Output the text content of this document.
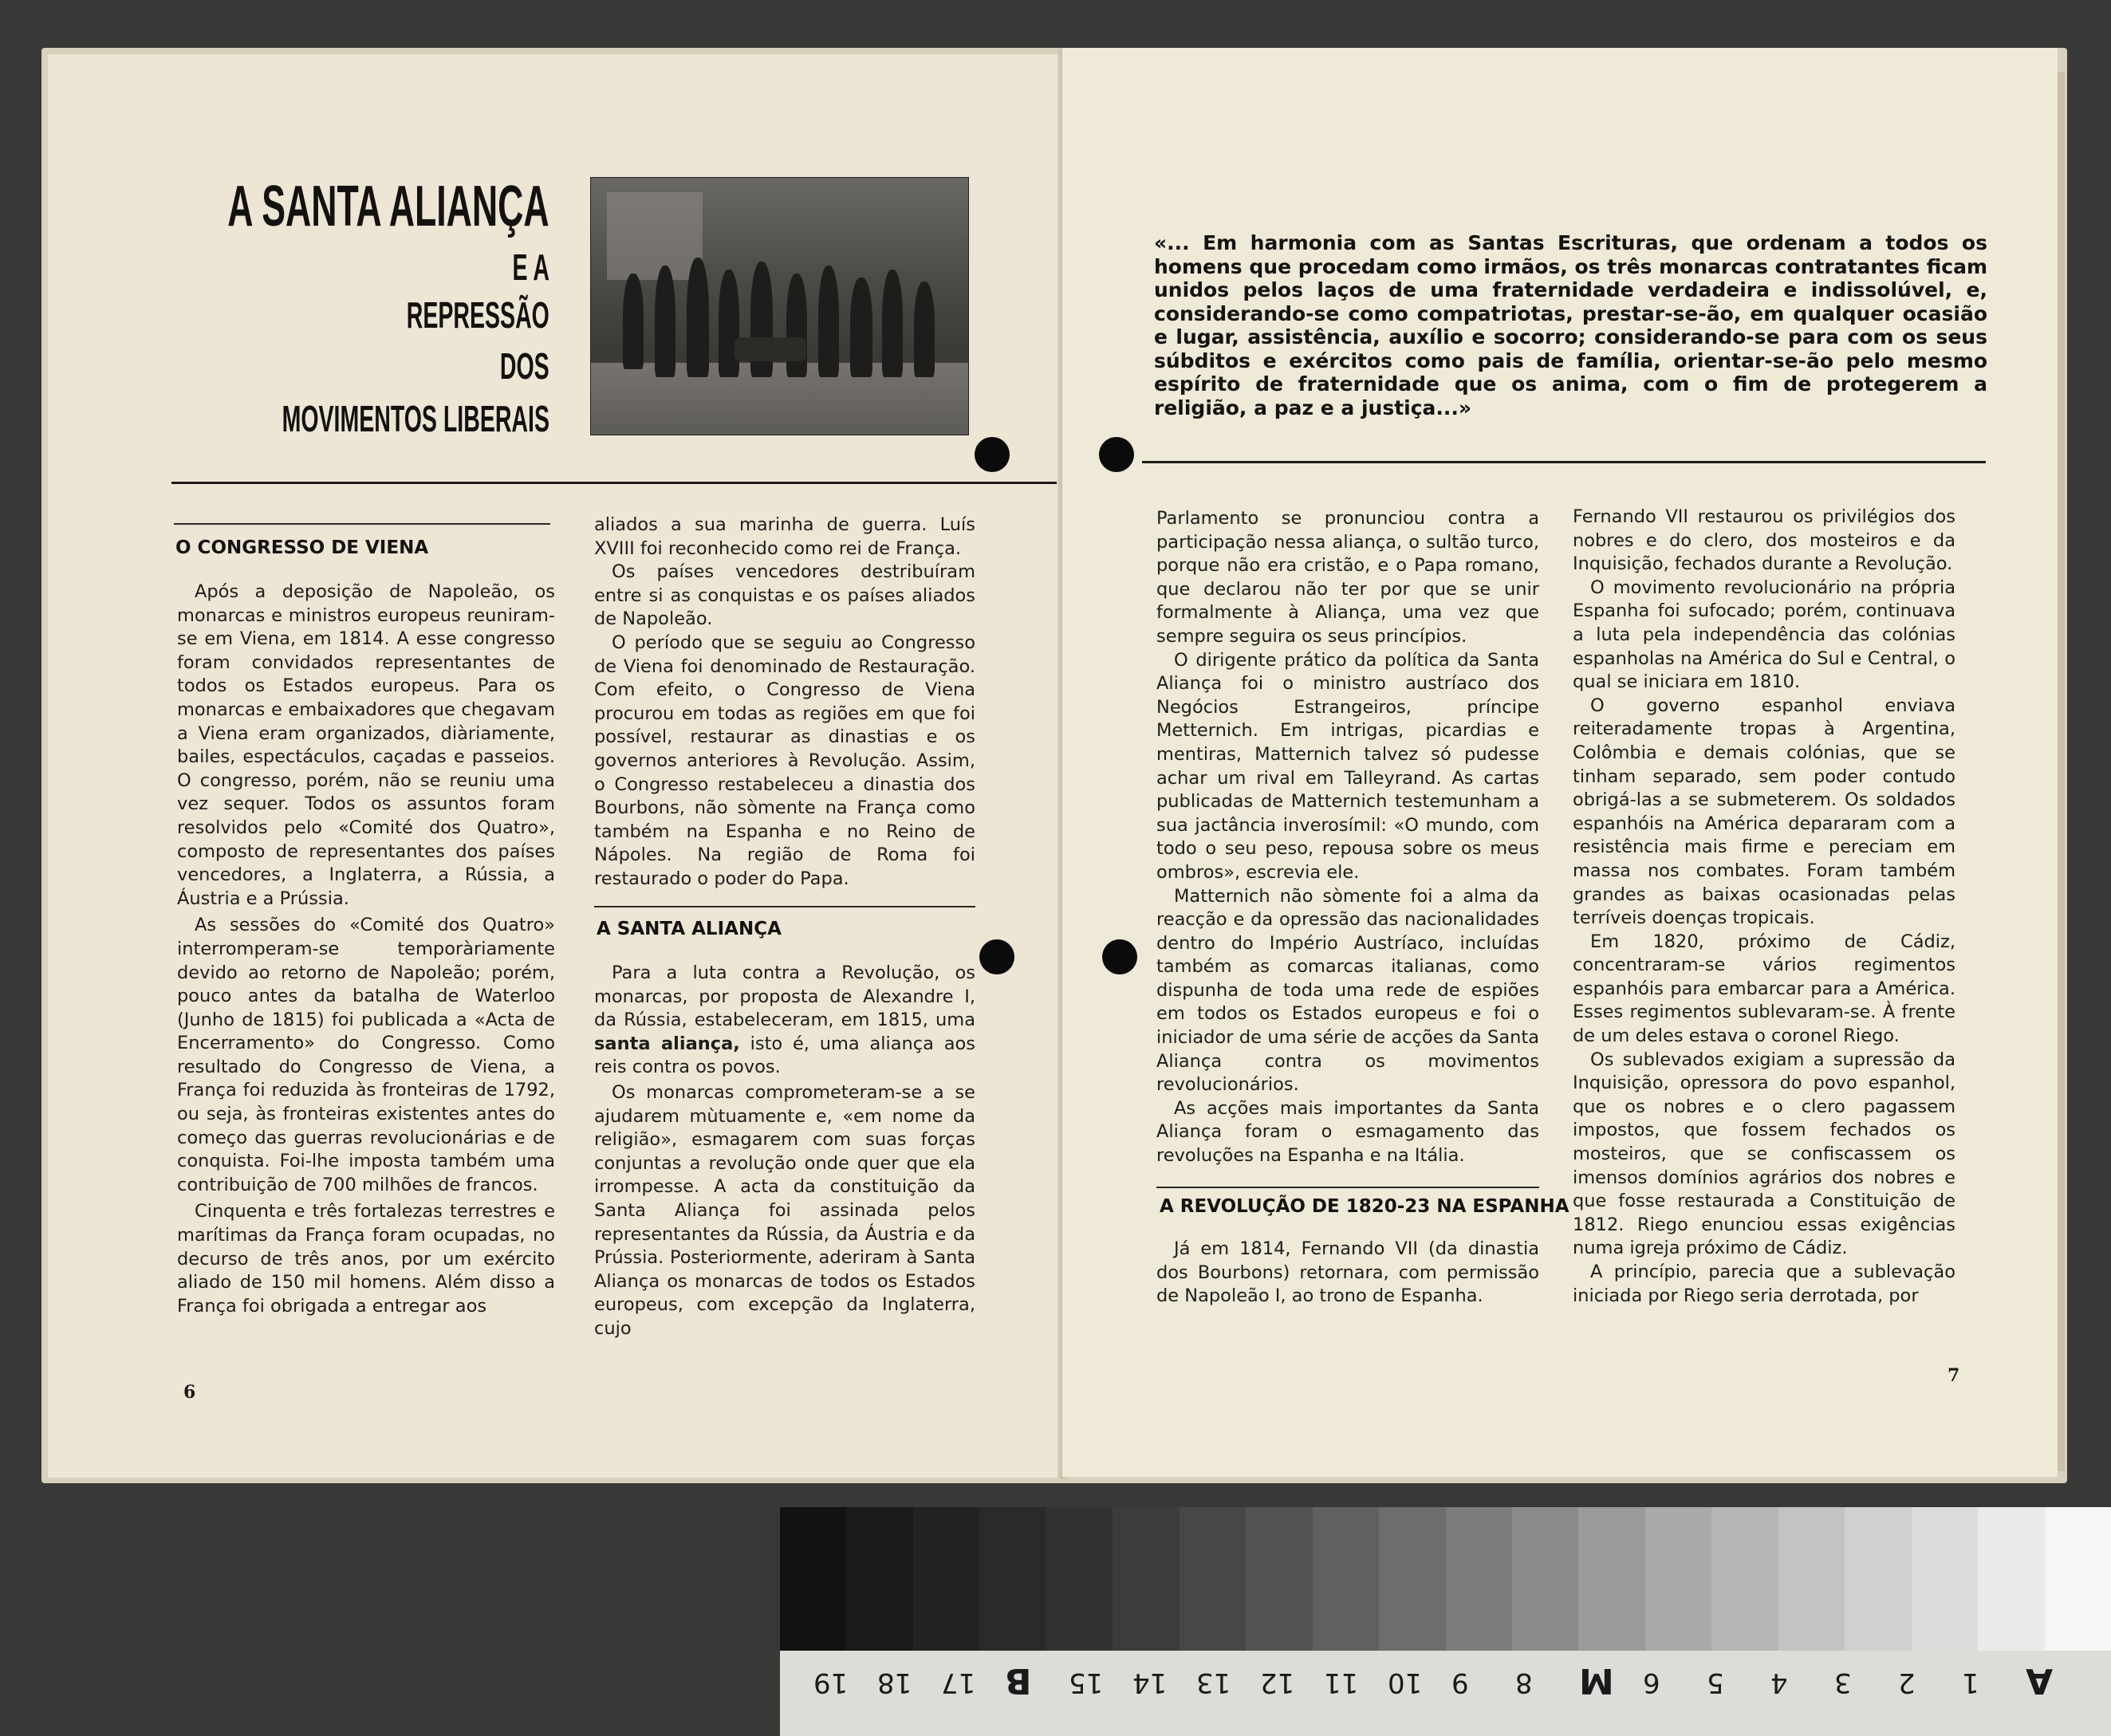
A SANTA ALIANÇA
E A
REPRESSÃO
DOS
MOVIMENTOS LIBERAIS
O CONGRESSO DE VIENA

Após a deposição de Napoleão, os monarcas e ministros europeus reuniram-se em Viena, em 1814. A esse congresso foram convidados representantes de todos os Estados europeus. Para os monarcas e embaixadores que chegavam a Viena eram organizados, diàriamente, bailes, espectáculos, caçadas e passeios. O congresso, porém, não se reuniu uma vez sequer. Todos os assuntos foram resolvidos pelo «Comité dos Quatro», composto de representantes dos países vencedores, a Inglaterra, a Rússia, a Áustria e a Prússia.

As sessões do «Comité dos Quatro» interromperam-se temporàriamente devido ao retorno de Napoleão; porém, pouco antes da batalha de Waterloo (Junho de 1815) foi publicada a «Acta de Encerramento» do Congresso. Como resultado do Congresso de Viena, a França foi reduzida às fronteiras de 1792, ou seja, às fronteiras existentes antes do começo das guerras revolucionárias e de conquista. Foi-lhe imposta também uma contribuição de 700 milhões de francos.

Cinquenta e três fortalezas terrestres e marítimas da França foram ocupadas, no decurso de três anos, por um exército aliado de 150 mil homens. Além disso a França foi obrigada a entregar aos

aliados a sua marinha de guerra. Luís XVIII foi reconhecido como rei de França.

Os países vencedores destribuíram entre si as conquistas e os países aliados de Napoleão.

O período que se seguiu ao Congresso de Viena foi denominado de Restauração. Com efeito, o Congresso de Viena procurou em todas as regiões em que foi possível, restaurar as dinastias e os governos anteriores à Revolução. Assim, o Congresso restabeleceu a dinastia dos Bourbons, não sòmente na França como também na Espanha e no Reino de Nápoles. Na região de Roma foi restaurado o poder do Papa.

A SANTA ALIANÇA

Para a luta contra a Revolução, os monarcas, por proposta de Alexandre I, da Rússia, estabeleceram, em 1815, uma santa aliança, isto é, uma aliança aos reis contra os povos.

Os monarcas comprometeram-se a se ajudarem mùtuamente e, «em nome da religião», esmagarem com suas forças conjuntas a revolução onde quer que ela irrompesse. A acta da constituição da Santa Aliança foi assinada pelos representantes da Rússia, da Áustria e da Prússia. Posteriormente, aderiram à Santa Aliança os monarcas de todos os Estados europeus, com excepção da Inglaterra, cujo

6
«... Em harmonia com as Santas Escrituras, que ordenam a todos os homens que procedam como irmãos, os três monarcas contratantes ficam unidos pelos laços de uma fraternidade verdadeira e indissolúvel, e, considerando-se como compatriotas, prestar-se-ão, em qualquer ocasião e lugar, assistência, auxílio e socorro; considerando-se para com os seus súbditos e exércitos como pais de família, orientar-se-ão pelo mesmo espírito de fraternidade que os anima, com o fim de protegerem a religião, a paz e a justiça...»

Parlamento se pronunciou contra a participação nessa aliança, o sultão turco, porque não era cristão, e o Papa romano, que declarou não ter por que se unir formalmente à Aliança, uma vez que sempre seguira os seus princípios.

O dirigente prático da política da Santa Aliança foi o ministro austríaco dos Negócios Estrangeiros, príncipe Metternich. Em intrigas, picardias e mentiras, Matternich talvez só pudesse achar um rival em Talleyrand. As cartas publicadas de Matternich testemunham a sua jactância inverosímil: «O mundo, com todo o seu peso, repousa sobre os meus ombros», escrevia ele.

Matternich não sòmente foi a alma da reacção e da opressão das nacionalidades dentro do Império Austríaco, incluídas também as comarcas italianas, como dispunha de toda uma rede de espiões em todos os Estados europeus e foi o iniciador de uma série de acções da Santa Aliança contra os movimentos revolucionários.

As acções mais importantes da Santa Aliança foram o esmagamento das revoluções na Espanha e na Itália.

A REVOLUÇÃO DE 1820-23 NA ESPANHA

Já em 1814, Fernando VII (da dinastia dos Bourbons) retornara, com permissão de Napoleão I, ao trono de Espanha.

Fernando VII restaurou os privilégios dos nobres e do clero, dos mosteiros e da Inquisição, fechados durante a Revolução.

O movimento revolucionário na própria Espanha foi sufocado; porém, continuava a luta pela independência das colónias espanholas na América do Sul e Central, o qual se iniciara em 1810.

O governo espanhol enviava reiteradamente tropas à Argentina, Colômbia e demais colónias, que se tinham separado, sem poder contudo obrigá-las a se submeterem. Os soldados espanhóis na América depararam com a resistência mais firme e pereciam em massa nos combates. Foram também grandes as baixas ocasionadas pelas terríveis doenças tropicais.

Em 1820, próximo de Cádiz, concentraram-se vários regimentos espanhóis para embarcar para a América. Esses regimentos sublevaram-se. À frente de um deles estava o coronel Riego.

Os sublevados exigiam a supressão da Inquisição, opressora do povo espanhol, que os nobres e o clero pagassem impostos, que fossem fechados os mosteiros, que se confiscassem os imensos domínios agrários dos nobres e que fosse restaurada a Constituição de 1812. Riego enunciou essas exigências numa igreja próximo de Cádiz.

A princípio, parecia que a sublevação iniciada por Riego seria derrotada, por

7
A
1
2
3
4
5
6
M
8
9
10
11
12
13
14
15
B
17
18
19
